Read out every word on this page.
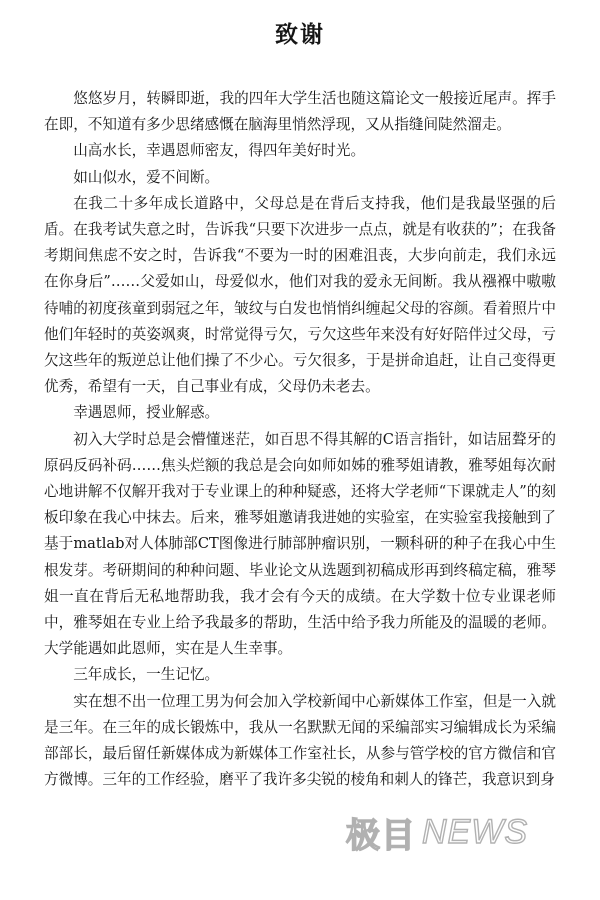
致谢

悠悠岁月，转瞬即逝，我的四年大学生活也随这篇论文一般接近尾声。挥手在即，不知道有多少思绪感慨在脑海里悄然浮现，又从指缝间陡然溜走。

山高水长，幸遇恩师密友，得四年美好时光。

如山似水，爱不间断。

在我二十多年成长道路中，父母总是在背后支持我，他们是我最坚强的后盾。在我考试失意之时，告诉我“只要下次进步一点点，就是有收获的”；在我备考期间焦虑不安之时，告诉我“不要为一时的困难沮丧，大步向前走，我们永远在你身后”……父爱如山，母爱似水，他们对我的爱永无间断。我从襁褓中嗷嗷待哺的初度孩童到弱冠之年，皱纹与白发也悄悄纠缠起父母的容颜。看着照片中他们年轻时的英姿飒爽，时常觉得亏欠，亏欠这些年来没有好好陪伴过父母，亏欠这些年的叛逆总让他们操了不少心。亏欠很多，于是拼命追赶，让自己变得更优秀，希望有一天，自己事业有成，父母仍未老去。

幸遇恩师，授业解惑。

初入大学时总是会懵懂迷茫，如百思不得其解的C语言指针，如诘屈聱牙的原码反码补码……焦头烂额的我总是会向如师如姊的雅琴姐请教，雅琴姐每次耐心地讲解不仅解开我对于专业课上的种种疑惑，还将大学老师“下课就走人”的刻板印象在我心中抹去。后来，雅琴姐邀请我进她的实验室，在实验室我接触到了基于matlab对人体肺部CT图像进行肺部肿瘤识别，一颗科研的种子在我心中生根发芽。考研期间的种种问题、毕业论文从选题到初稿成形再到终稿定稿，雅琴姐一直在背后无私地帮助我，我才会有今天的成绩。在大学数十位专业课老师中，雅琴姐在专业上给予我最多的帮助，生活中给予我力所能及的温暖的老师。大学能遇如此恩师，实在是人生幸事。

三年成长，一生记忆。

实在想不出一位理工男为何会加入学校新闻中心新媒体工作室，但是一入就是三年。在三年的成长锻炼中，我从一名默默无闻的采编部实习编辑成长为采编部部长，最后留任新媒体成为新媒体工作室社长，从参与管学校的官方微信和官方微博。三年的工作经验，磨平了我许多尖锐的棱角和刺人的锋芒，我意识到身

极目 NEWS
